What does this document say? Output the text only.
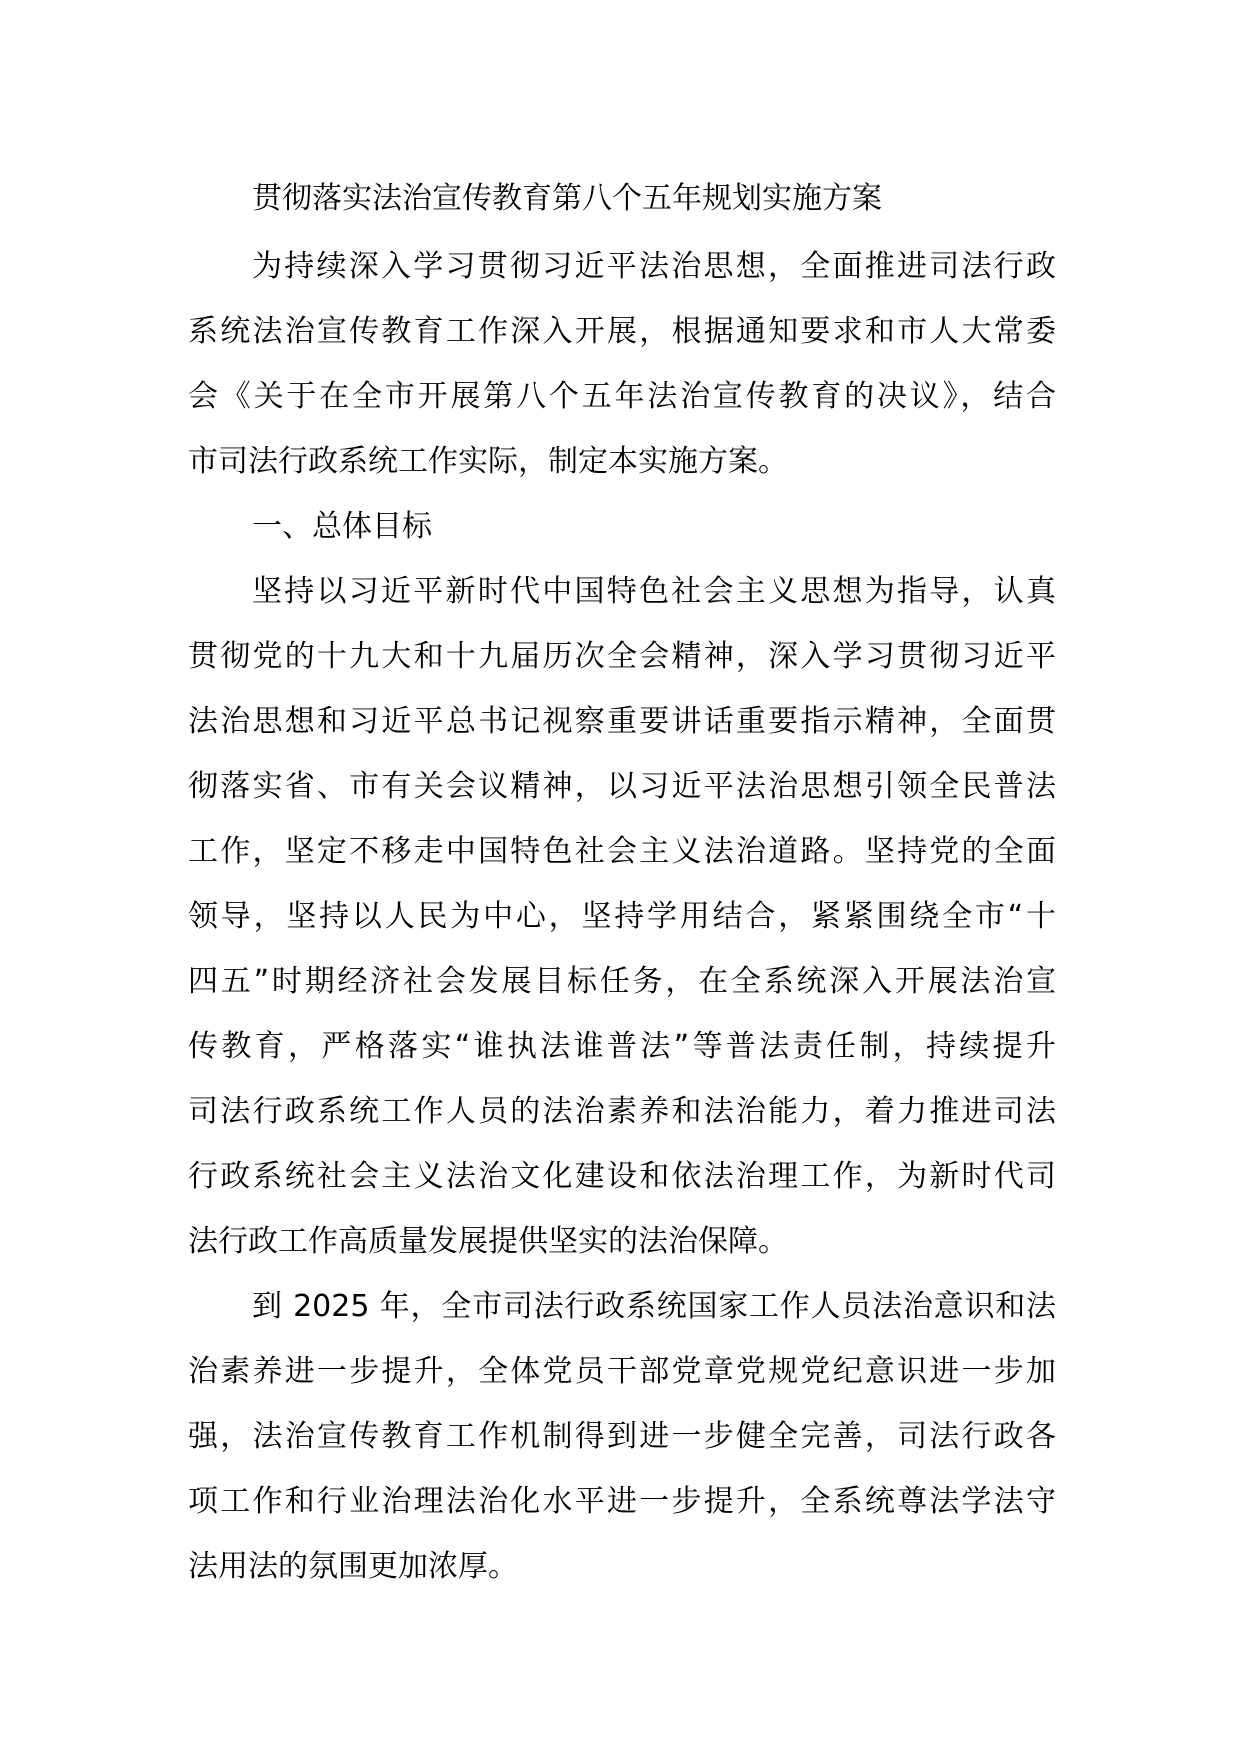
贯彻落实法治宣传教育第八个五年规划实施方案
为持续深入学习贯彻习近平法治思想，全面推进司法行政
系统法治宣传教育工作深入开展，根据通知要求和市人大常委
会《关于在全市开展第八个五年法治宣传教育的决议》，结合
市司法行政系统工作实际，制定本实施方案。
一、总体目标
坚持以习近平新时代中国特色社会主义思想为指导，认真
贯彻党的十九大和十九届历次全会精神，深入学习贯彻习近平
法治思想和习近平总书记视察重要讲话重要指示精神，全面贯
彻落实省、市有关会议精神，以习近平法治思想引领全民普法
工作，坚定不移走中国特色社会主义法治道路。坚持党的全面
领导，坚持以人民为中心，坚持学用结合，紧紧围绕全市“十
四五”时期经济社会发展目标任务，在全系统深入开展法治宣
传教育，严格落实“谁执法谁普法”等普法责任制，持续提升
司法行政系统工作人员的法治素养和法治能力，着力推进司法
行政系统社会主义法治文化建设和依法治理工作，为新时代司
法行政工作高质量发展提供坚实的法治保障。
到 2025 年，全市司法行政系统国家工作人员法治意识和法
治素养进一步提升，全体党员干部党章党规党纪意识进一步加
强，法治宣传教育工作机制得到进一步健全完善，司法行政各
项工作和行业治理法治化水平进一步提升，全系统尊法学法守
法用法的氛围更加浓厚。
